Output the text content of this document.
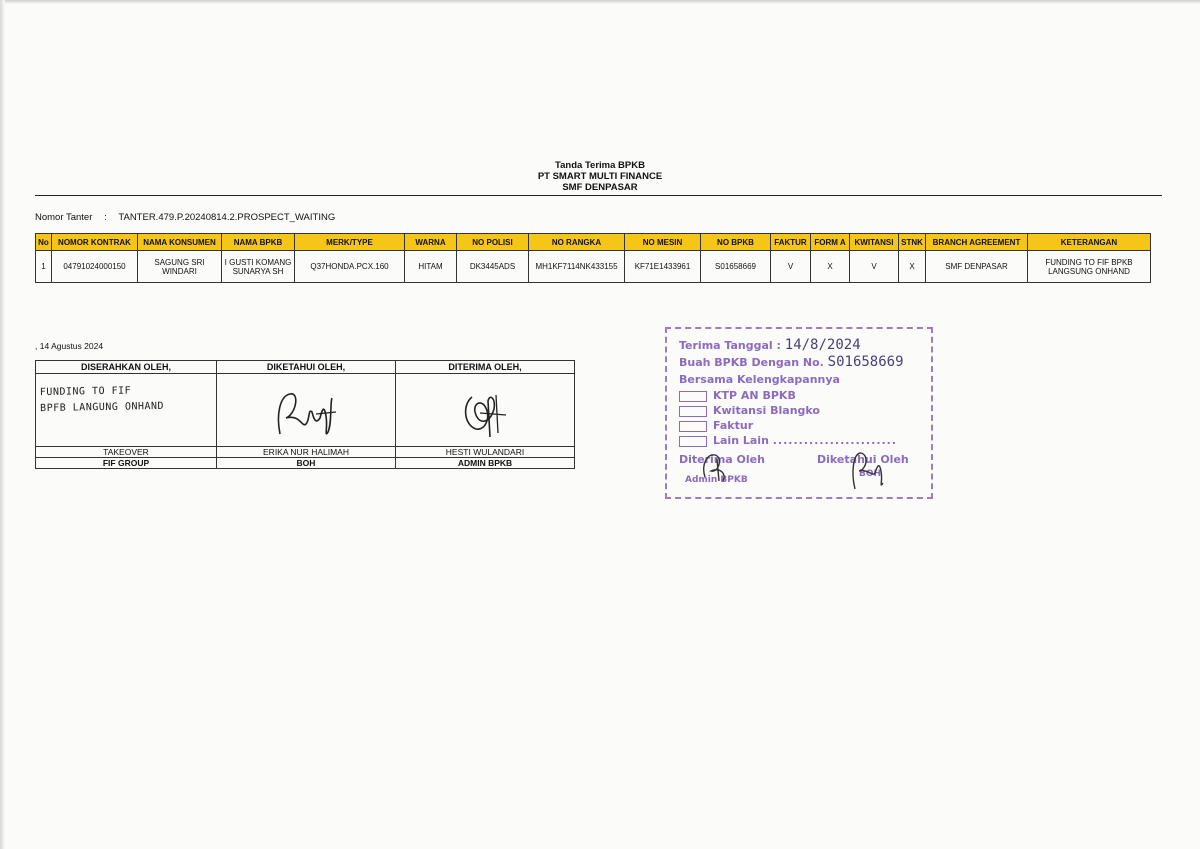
Tanda Terima BPKB
PT SMART MULTI FINANCE
SMF DENPASAR
Nomor Tanter : TANTER.479.P.20240814.2.PROSPECT_WAITING
No	NOMOR KONTRAK	NAMA KONSUMEN	NAMA BPKB	MERK/TYPE	WARNA	NO POLISI	NO RANGKA	NO MESIN	NO BPKB	FAKTUR	FORM A	KWITANSI	STNK	BRANCH AGREEMENT	KETERANGAN
1	04791024000150	SAGUNG SRI WINDARI	I GUSTI KOMANG SUNARYA SH	Q37HONDA.PCX.160	HITAM	DK3445ADS	MH1KF7114NK433155	KF71E1433961	S01658669	V	X	V	X	SMF DENPASAR	FUNDING TO FIF BPKB LANGSUNG ONHAND
, 14 Agustus 2024
DISERAHKAN OLEH,	DIKETAHUI OLEH,	DITERIMA OLEH,

FUNDING TO FIF
BPFB LANGUNG ONHAND

TAKEOVER	ERIKA NUR HALIMAH	HESTI WULANDARI
FIF GROUP	BOH	ADMIN BPKB
Terima Tanggal : 14/8/2024
Buah BPKB Dengan No. S01658669
Bersama Kelengkapannya
KTP AN BPKB
Kwitansi Blangko
Faktur
Lain Lain ........................
Diterima Oleh
Admin BPKB
Diketahui Oleh
BOH
